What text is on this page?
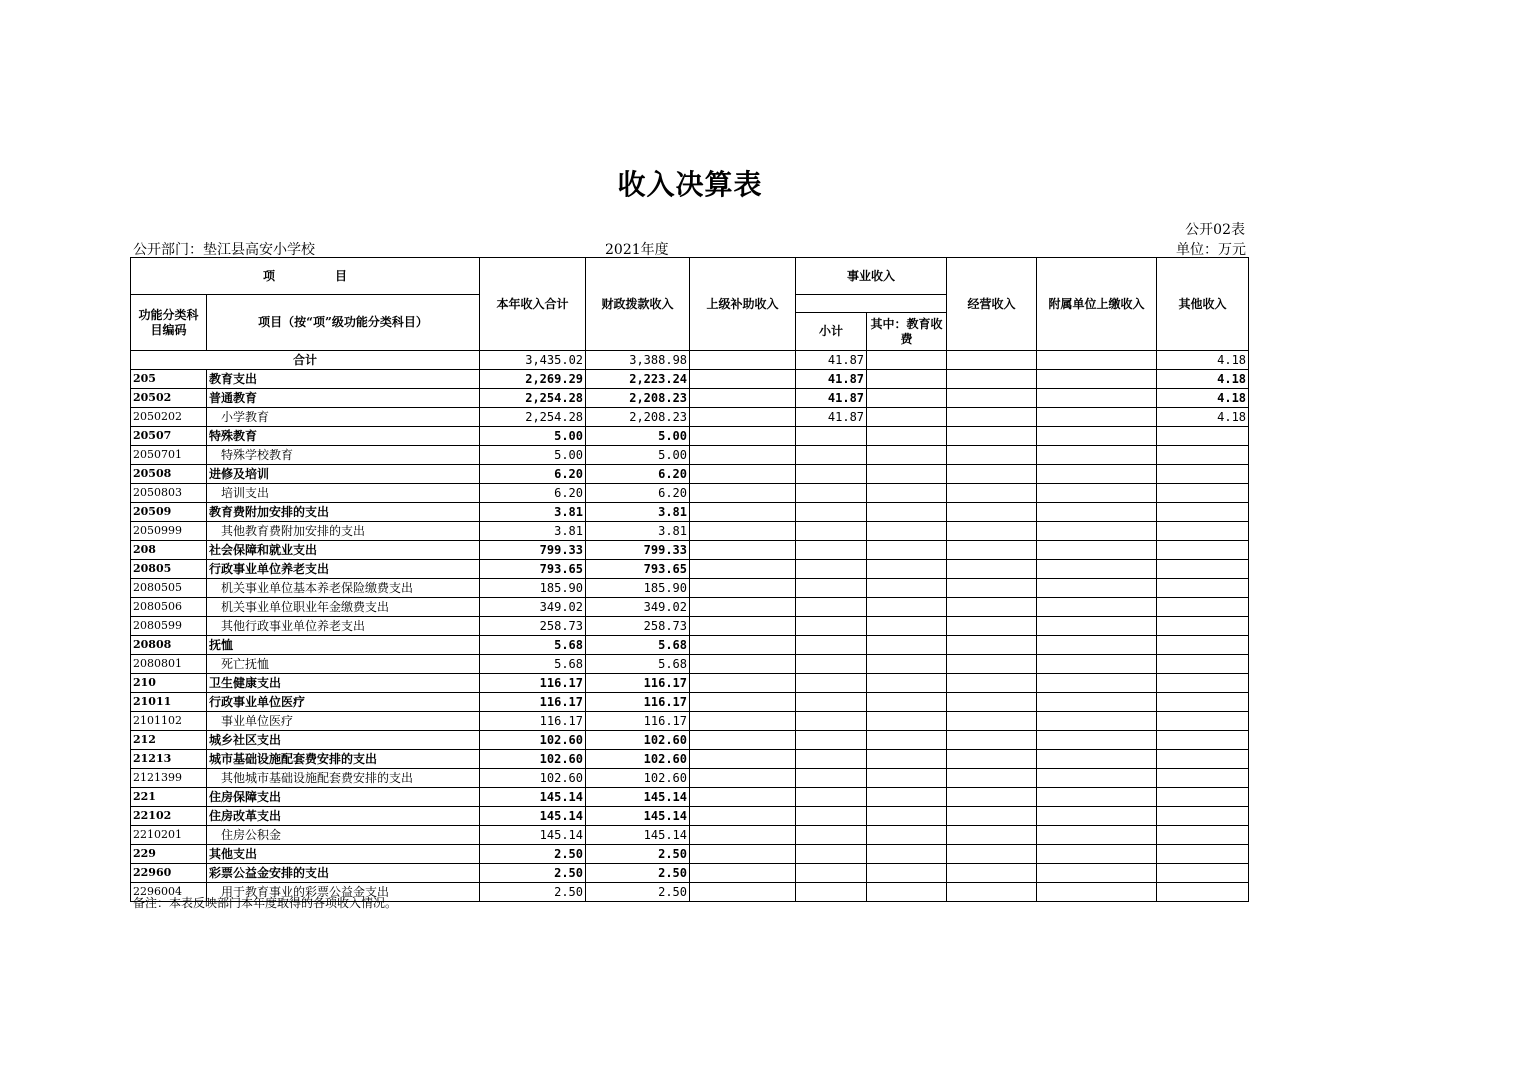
收入决算表
公开02表
公开部门：垫江县高安小学校	2021年度	单位：万元
项　　　　　目		本年收入合计	财政拨款收入	上级补助收入	事业收入		经营收入	附属单位上缴收入	其他收入
功能分类科目编码	项目（按“项”级功能分类科目）								
					小计	其中：教育收费			
合计		3,435.02	3,388.98		41.87				4.18
205	教育支出	2,269.29	2,223.24		41.87				4.18
20502	普通教育	2,254.28	2,208.23		41.87				4.18
2050202	小学教育	2,254.28	2,208.23		41.87				4.18
20507	特殊教育	5.00	5.00						
2050701	特殊学校教育	5.00	5.00						
20508	进修及培训	6.20	6.20						
2050803	培训支出	6.20	6.20						
20509	教育费附加安排的支出	3.81	3.81						
2050999	其他教育费附加安排的支出	3.81	3.81						
208	社会保障和就业支出	799.33	799.33						
20805	行政事业单位养老支出	793.65	793.65						
2080505	机关事业单位基本养老保险缴费支出	185.90	185.90						
2080506	机关事业单位职业年金缴费支出	349.02	349.02						
2080599	其他行政事业单位养老支出	258.73	258.73						
20808	抚恤	5.68	5.68						
2080801	死亡抚恤	5.68	5.68						
210	卫生健康支出	116.17	116.17						
21011	行政事业单位医疗	116.17	116.17						
2101102	事业单位医疗	116.17	116.17						
212	城乡社区支出	102.60	102.60						
21213	城市基础设施配套费安排的支出	102.60	102.60						
2121399	其他城市基础设施配套费安排的支出	102.60	102.60						
221	住房保障支出	145.14	145.14						
22102	住房改革支出	145.14	145.14						
2210201	住房公积金	145.14	145.14						
229	其他支出	2.50	2.50						
22960	彩票公益金安排的支出	2.50	2.50						
2296004	用于教育事业的彩票公益金支出	2.50	2.50						
备注：本表反映部门本年度取得的各项收入情况。
